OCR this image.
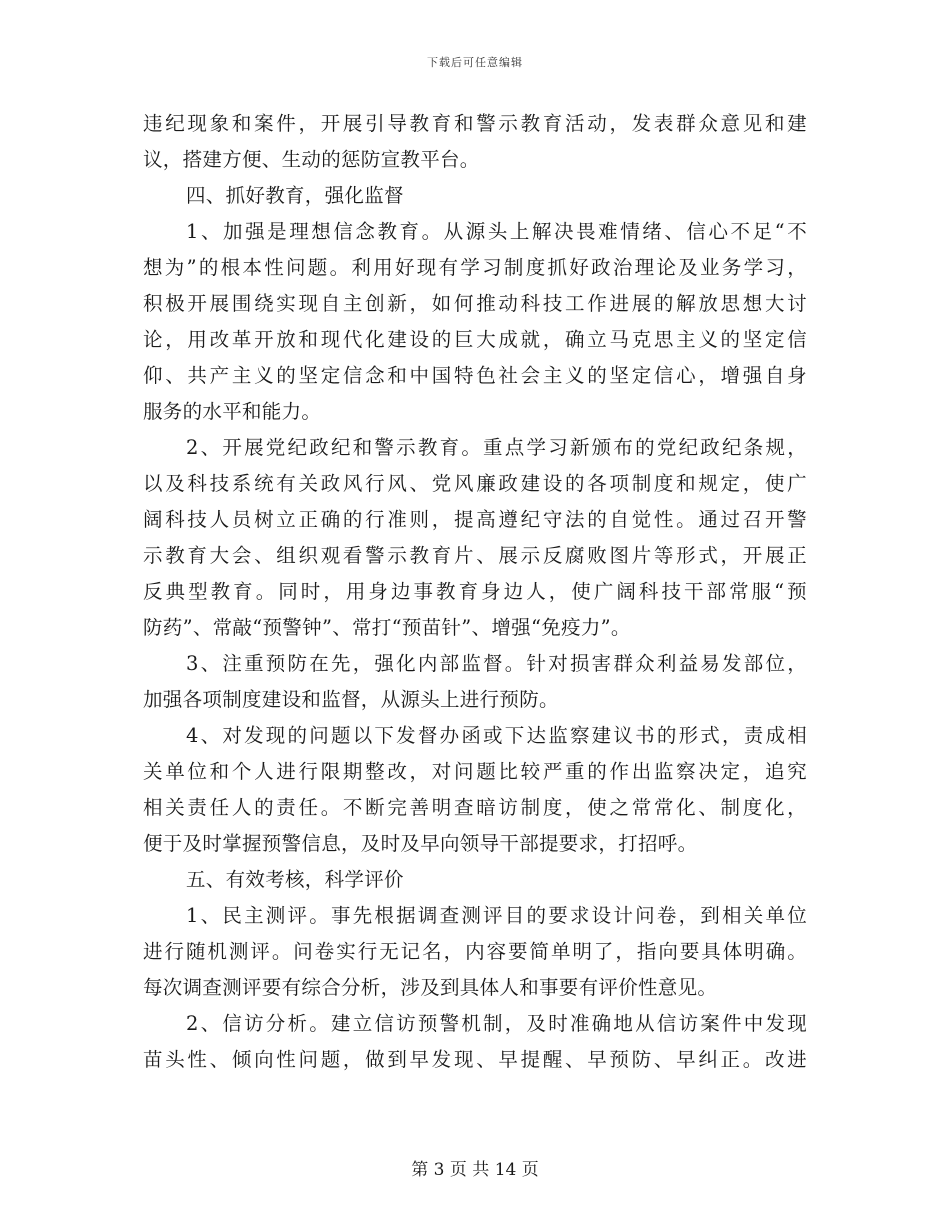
下载后可任意编辑
违纪现象和案件，开展引导教育和警示教育活动，发表群众意见和建
议，搭建方便、生动的惩防宣教平台。
四、抓好教育，强化监督
1、加强是理想信念教育。从源头上解决畏难情绪、信心不足“不
想为”的根本性问题。利用好现有学习制度抓好政治理论及业务学习，
积极开展围绕实现自主创新，如何推动科技工作进展的解放思想大讨
论，用改革开放和现代化建设的巨大成就，确立马克思主义的坚定信
仰、共产主义的坚定信念和中国特色社会主义的坚定信心，增强自身
服务的水平和能力。
2、开展党纪政纪和警示教育。重点学习新颁布的党纪政纪条规，
以及科技系统有关政风行风、党风廉政建设的各项制度和规定，使广
阔科技人员树立正确的行准则，提高遵纪守法的自觉性。通过召开警
示教育大会、组织观看警示教育片、展示反腐败图片等形式，开展正
反典型教育。同时，用身边事教育身边人，使广阔科技干部常服“预
防药”、常敲“预警钟”、常打“预苗针”、增强“免疫力”。
3、注重预防在先，强化内部监督。针对损害群众利益易发部位，
加强各项制度建设和监督，从源头上进行预防。
4、对发现的问题以下发督办函或下达监察建议书的形式，责成相
关单位和个人进行限期整改，对问题比较严重的作出监察决定，追究
相关责任人的责任。不断完善明查暗访制度，使之常常化、制度化，
便于及时掌握预警信息，及时及早向领导干部提要求，打招呼。
五、有效考核，科学评价
1、民主测评。事先根据调查测评目的要求设计问卷，到相关单位
进行随机测评。问卷实行无记名，内容要简单明了，指向要具体明确。
每次调查测评要有综合分析，涉及到具体人和事要有评价性意见。
2、信访分析。建立信访预警机制，及时准确地从信访案件中发现
苗头性、倾向性问题，做到早发现、早提醒、早预防、早纠正。改进
第 3 页 共 14 页
